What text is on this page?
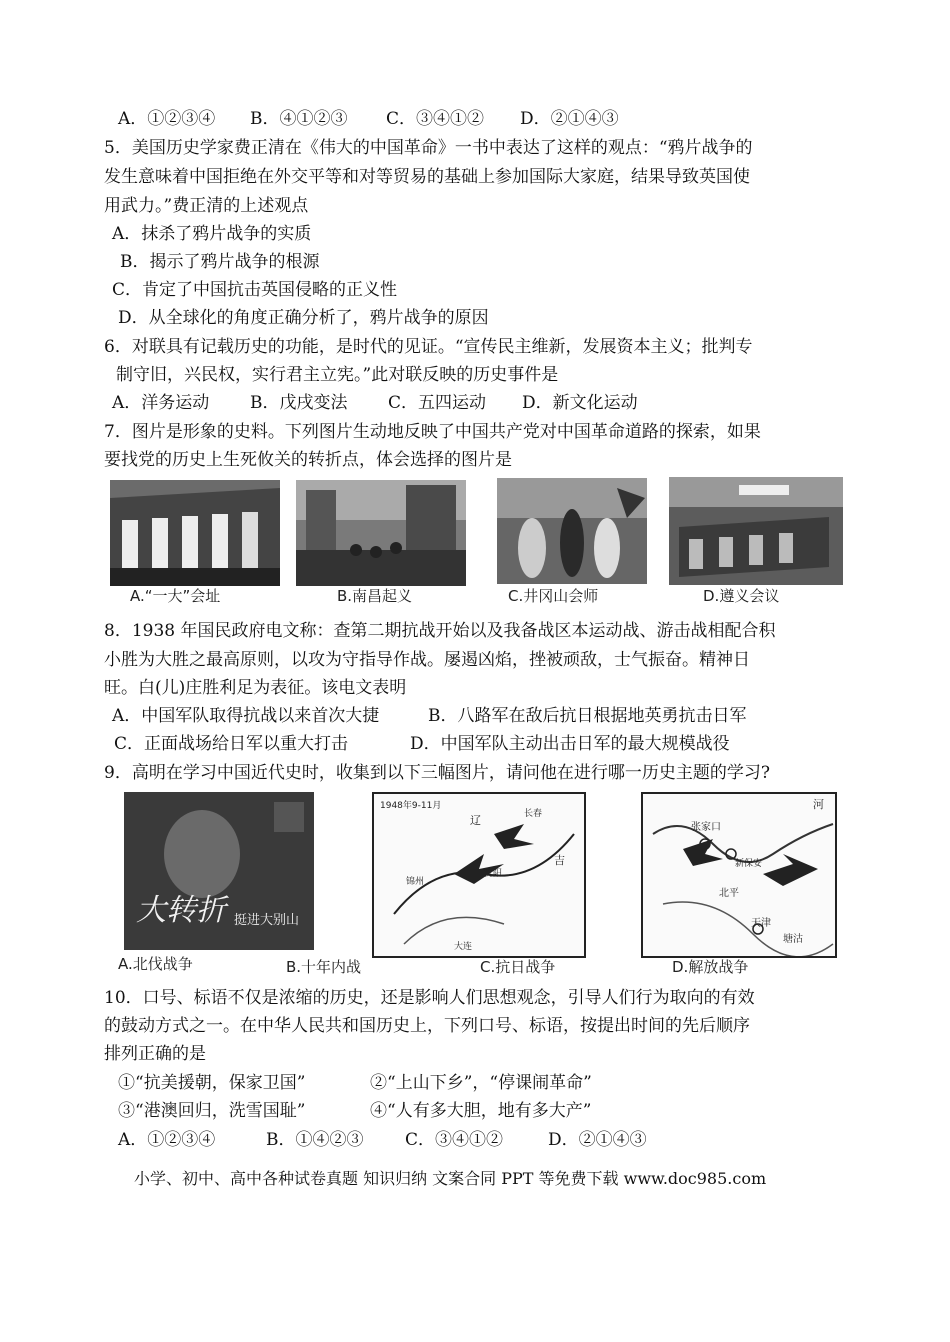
A．①②③④ B．④①②③ C．③④①② D．②①④③
5．美国历史学家费正清在《伟大的中国革命》一书中表达了这样的观点：“鸦片战争的
发生意味着中国拒绝在外交平等和对等贸易的基础上参加国际大家庭，结果导致英国使
用武力。”费正清的上述观点
A．抹杀了鸦片战争的实质
B．揭示了鸦片战争的根源
C．肯定了中国抗击英国侵略的正义性
D．从全球化的角度正确分析了，鸦片战争的原因
6．对联具有记载历史的功能，是时代的见证。“宣传民主维新，发展资本主义；批判专
制守旧，兴民权，实行君主立宪。”此对联反映的历史事件是
A．洋务运动 B．戊戌变法 C．五四运动 D．新文化运动
7．图片是形象的史料。下列图片生动地反映了中国共产党对中国革命道路的探索，如果
要找党的历史上生死攸关的转折点，体会选择的图片是
A.“一大”会址	B.南昌起义	C.井冈山会师	D.遵义会议
8．1938 年国民政府电文称：查第二期抗战开始以及我备战区本运动战、游击战相配合积
小胜为大胜之最高原则，以攻为守指导作战。屡遏凶焰，挫被顽敌，士气振奋。精神日
旺。白(儿)庄胜利足为表征。该电文表明
A．中国军队取得抗战以来首次大捷	B．八路军在敌后抗日根据地英勇抗击日军
C．正面战场给日军以重大打击	D．中国军队主动出击日军的最大规模战役
9．高明在学习中国近代史时，收集到以下三幅图片，请问他在进行哪一历史主题的学习?
大转折 挺进大别山
1948年9-11月
锦州
沈阳
长春
辽
吉
大连
张家口
新保安
北平
天津
塘沽
河
A.北伐战争	B.十年内战	C.抗日战争	D.解放战争
10．口号、标语不仅是浓缩的历史，还是影响人们思想观念，引导人们行为取向的有效
的鼓动方式之一。在中华人民共和国历史上，下列口号、标语，按提出时间的先后顺序
排列正确的是
①“抗美援朝，保家卫国”	②“上山下乡”，“停课闹革命”
③“港澳回归，洗雪国耻”	④“人有多大胆，地有多大产”
A．①②③④	B．①④②③ C．③④①②	D．②①④③
小学、初中、高中各种试卷真题 知识归纳 文案合同 PPT 等免费下载 www.doc985.com
